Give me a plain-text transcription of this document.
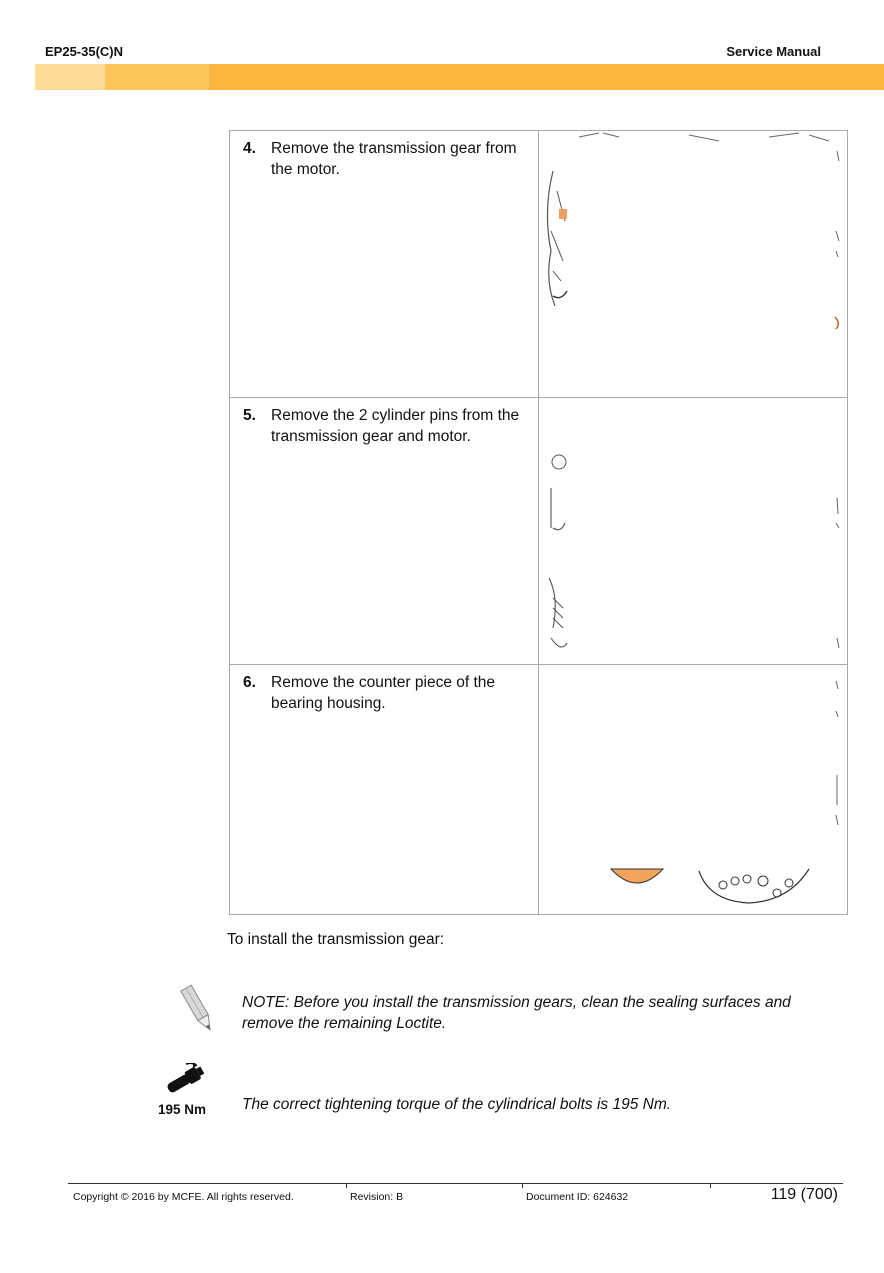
EP25-35(C)N	Service Manual
4. Remove the transmission gear from the motor.
5. Remove the 2 cylinder pins from the transmission gear and motor.
6. Remove the counter piece of the bearing housing.
To install the transmission gear:
NOTE: Before you install the transmission gears, clean the sealing surfaces and remove the remaining Loctite.
195 Nm The correct tightening torque of the cylindrical bolts is 195 Nm.
Copyright © 2016 by MCFE. All rights reserved.	Revision: B	Document ID: 624632	119 (700)
